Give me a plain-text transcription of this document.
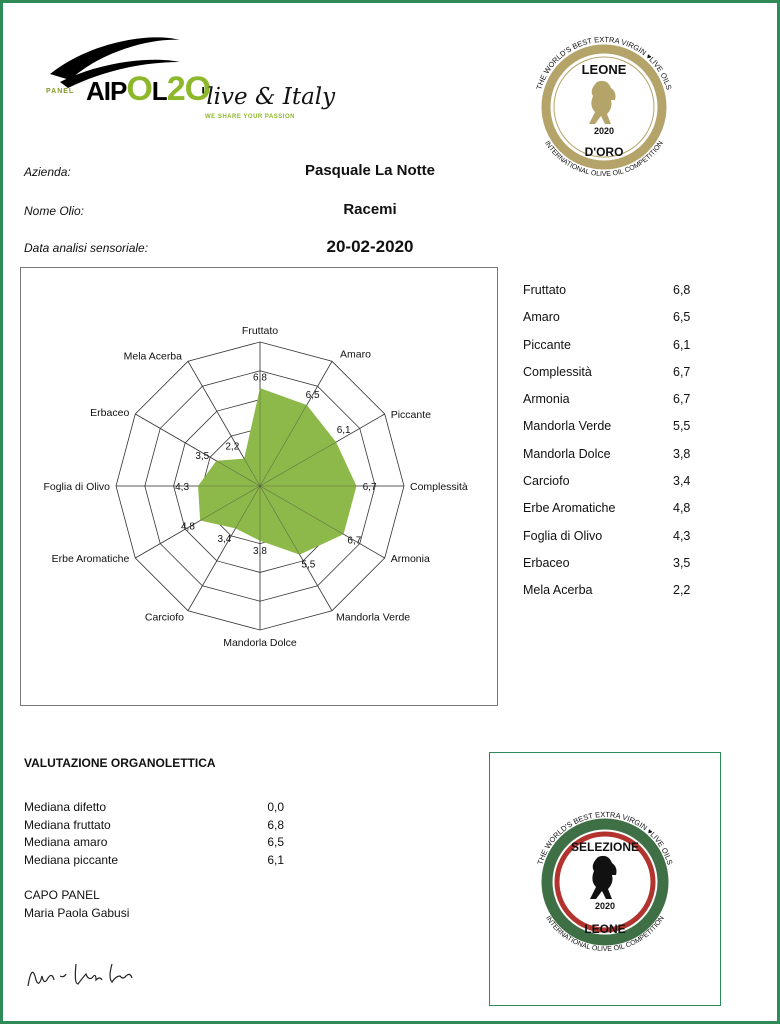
PANEL AIPOL2O
'live & Italy
WE SHARE YOUR PASSION
THE WORLD'S BEST EXTRA VIRGIN ♥LIVE OILS
INTERNATIONAL OLIVE OIL COMPETITION
LEONE
2020
D'ORO
Azienda:	Pasquale La Notte
Nome Olio:	Racemi
Data analisi sensoriale:	20-02-2020
Fruttato
Amaro
Piccante
Complessità
Armonia
Mandorla Verde
Mandorla Dolce
Carciofo
Erbe Aromatiche
Foglia di Olivo
Erbaceo
Mela Acerba
6,8
6,5
6,1
6,7
6,7
5,5
3,8
3,4
4,8
4,3
3,5
2,2
Fruttato	6,8
Amaro	6,5
Piccante	6,1
Complessità	6,7
Armonia	6,7
Mandorla Verde	5,5
Mandorla Dolce	3,8
Carciofo	3,4
Erbe Aromatiche	4,8
Foglia di Olivo	4,3
Erbaceo	3,5
Mela Acerba	2,2
VALUTAZIONE ORGANOLETTICA
Mediana difetto	0,0
Mediana fruttato	6,8
Mediana amaro	6,5
Mediana piccante	6,1
CAPO PANEL
Maria Paola Gabusi
THE WORLD'S BEST EXTRA VIRGIN ♥LIVE OILS
INTERNATIONAL OLIVE OIL COMPETITION
SELEZIONE
2020
LEONE
